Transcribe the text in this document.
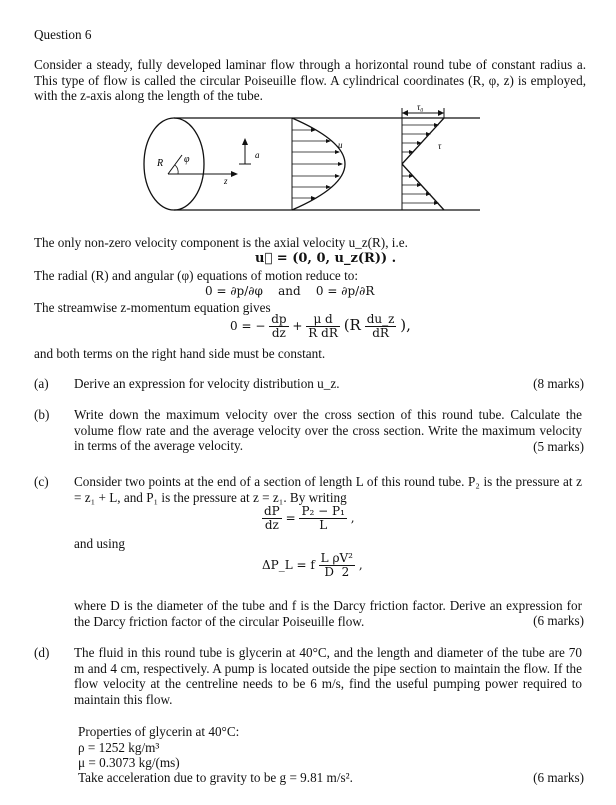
Question 6
Consider a steady, fully developed laminar flow through a horizontal round tube of constant radius a. This type of flow is called the circular Poiseuille flow. A cylindrical coordinates (R, φ, z) is employed, with the z-axis along the length of the tube.
τ₀
R φ
z
a
u	τ
The only non-zero velocity component is the axial velocity u_z(R), i.e.
u⃗ = (0, 0, u_z(R)) .
The radial (R) and angular (φ) equations of motion reduce to:
0 = ∂p/∂φ    and    0 = ∂p/∂R
The streamwise z-momentum equation gives
0 = − $\frac{dp}{dz} + \frac{\text{μ d}}{\text{R dR}} (R \frac{du\_z}{dR}$ ),
and both terms on the right hand side must be constant.
(a) Derive an expression for velocity distribution u_z.	(8 marks)
(b) Write down the maximum velocity over the cross section of this round tube. Calculate the volume flow rate and the average velocity over the cross section. Write the maximum velocity in terms of the average velocity.	(5 marks)
(c) Consider two points at the end of a section of length L of this round tube. P₂ is the pressure at z = z₁ + L, and P₁ is the pressure at z = z₁. By writing
$\frac{dP}{dz} = \frac{\text{P₂ − P₁}}{L}$ ,
and using
ΔP_L = f $\frac{\text{L ρV²}}{D 2}$ ,
where D is the diameter of the tube and f is the Darcy friction factor. Derive an expression for the Darcy friction factor of the circular Poiseuille flow.	(6 marks)
(d) The fluid in this round tube is glycerin at 40°C, and the length and diameter of the tube are 70 m and 4 cm, respectively. A pump is located outside the pipe section to maintain the flow. If the flow velocity at the centreline needs to be 6 m/s, find the useful pumping power required to maintain this flow.
Properties of glycerin at 40°C:
ρ = 1252 kg/m³
μ = 0.3073 kg/(ms)
Take acceleration due to gravity to be g = 9.81 m/s².	(6 marks)
